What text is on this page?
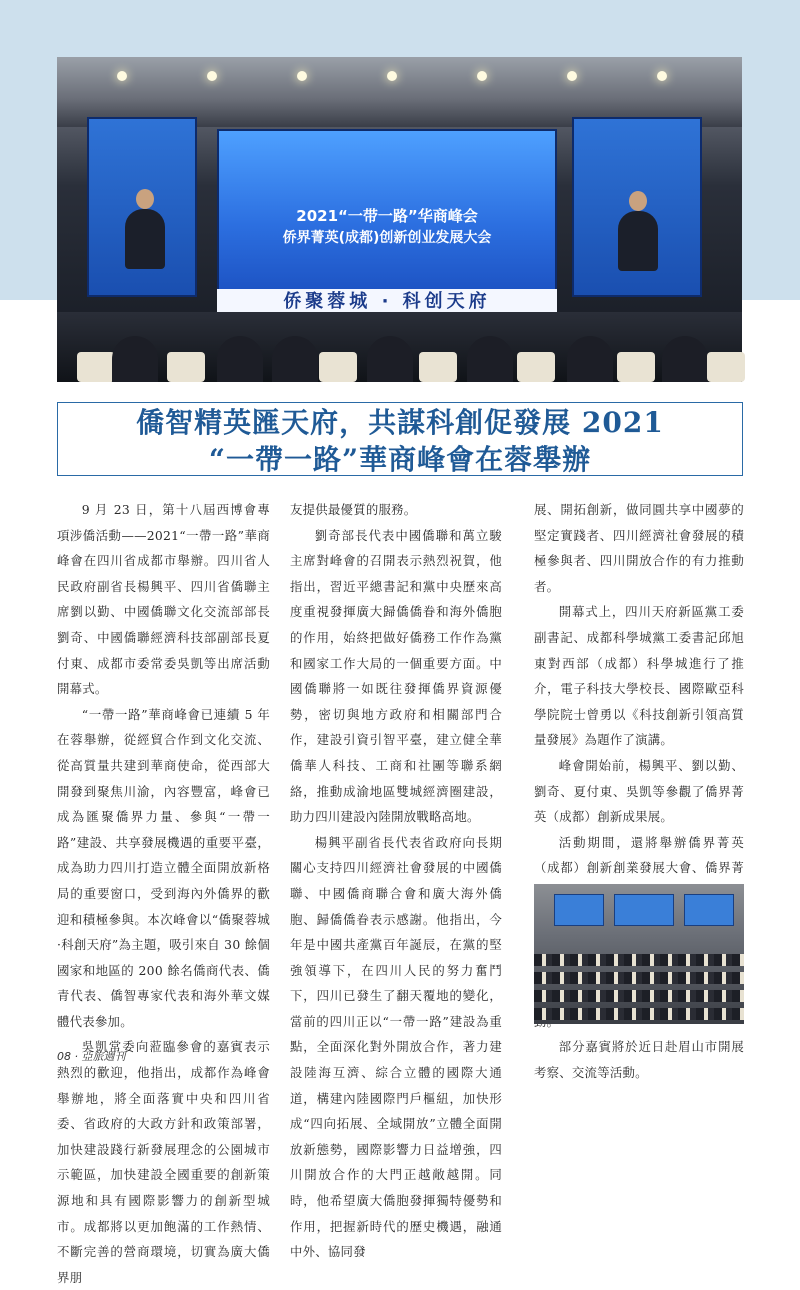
2021“一带一路”华商峰会
侨界菁英(成都)创新创业发展大会
侨聚蓉城 · 科创天府
僑智精英匯天府，共謀科創促發展 2021
“一帶一路”華商峰會在蓉舉辦

9 月 23 日，第十八屆西博會專項涉僑活動——2021“一帶一路”華商峰會在四川省成都市舉辦。四川省人民政府副省長楊興平、四川省僑聯主席劉以勤、中國僑聯文化交流部部長劉奇、中國僑聯經濟科技部副部長夏付東、成都市委常委吳凱等出席活動開幕式。

“一帶一路”華商峰會已連續 5 年在蓉舉辦，從經貿合作到文化交流、從高質量共建到華商使命，從西部大開發到聚焦川渝，內容豐富，峰會已成為匯聚僑界力量、參與“一帶一路”建設、共享發展機遇的重要平臺，成為助力四川打造立體全面開放新格局的重要窗口，受到海內外僑界的歡迎和積極參與。本次峰會以“僑聚蓉城·科創天府”為主題，吸引來自 30 餘個國家和地區的 200 餘名僑商代表、僑青代表、僑智專家代表和海外華文媒體代表參加。

吳凱常委向蒞臨參會的嘉賓表示熱烈的歡迎，他指出，成都作為峰會舉辦地，將全面落實中央和四川省委、省政府的大政方針和政策部署，加快建設踐行新發展理念的公園城市示範區，加快建設全國重要的創新策源地和具有國際影響力的創新型城市。成都將以更加飽滿的工作熱情、不斷完善的營商環境，切實為廣大僑界朋

友提供最優質的服務。

劉奇部長代表中國僑聯和萬立駿主席對峰會的召開表示熱烈祝賀，他指出，習近平總書記和黨中央歷來高度重視發揮廣大歸僑僑眷和海外僑胞的作用，始終把做好僑務工作作為黨和國家工作大局的一個重要方面。中國僑聯將一如既往發揮僑界資源優勢，密切與地方政府和相關部門合作，建設引資引智平臺，建立健全華僑華人科技、工商和社團等聯系網絡，推動成渝地區雙城經濟圈建設，助力四川建設內陸開放戰略高地。

楊興平副省長代表省政府向長期關心支持四川經濟社會發展的中國僑聯、中國僑商聯合會和廣大海外僑胞、歸僑僑眷表示感謝。他指出，今年是中國共產黨百年誕辰，在黨的堅強領導下，在四川人民的努力奮鬥下，四川已發生了翻天覆地的變化，當前的四川正以“一帶一路”建設為重點，全面深化對外開放合作，著力建設陸海互濟、綜合立體的國際大通道，構建內陸國際門戶樞紐，加快形成“四向拓展、全域開放”立體全面開放新態勢，國際影響力日益增強，四川開放合作的大門正越敞越開。同時，他希望廣大僑胞發揮獨特優勢和作用，把握新時代的歷史機遇，融通中外、協同發

展、開拓創新，做同圓共享中國夢的堅定實踐者、四川經濟社會發展的積極參與者、四川開放合作的有力推動者。

開幕式上，四川天府新區黨工委副書記、成都科學城黨工委書記邱旭東對西部（成都）科學城進行了推介，電子科技大學校長、國際歐亞科學院院士曾勇以《科技創新引領高質量發展》為題作了演講。

峰會開始前，楊興平、劉以勤、劉奇、夏付東、吳凱等參觀了僑界菁英（成都）創新成果展。

活動期間，還將舉辦僑界菁英（成都）創新創業發展大會、僑界菁

部分嘉賓將於近日赴眉山市開展考察、交流等活動。

08 · 亞旅週刊
